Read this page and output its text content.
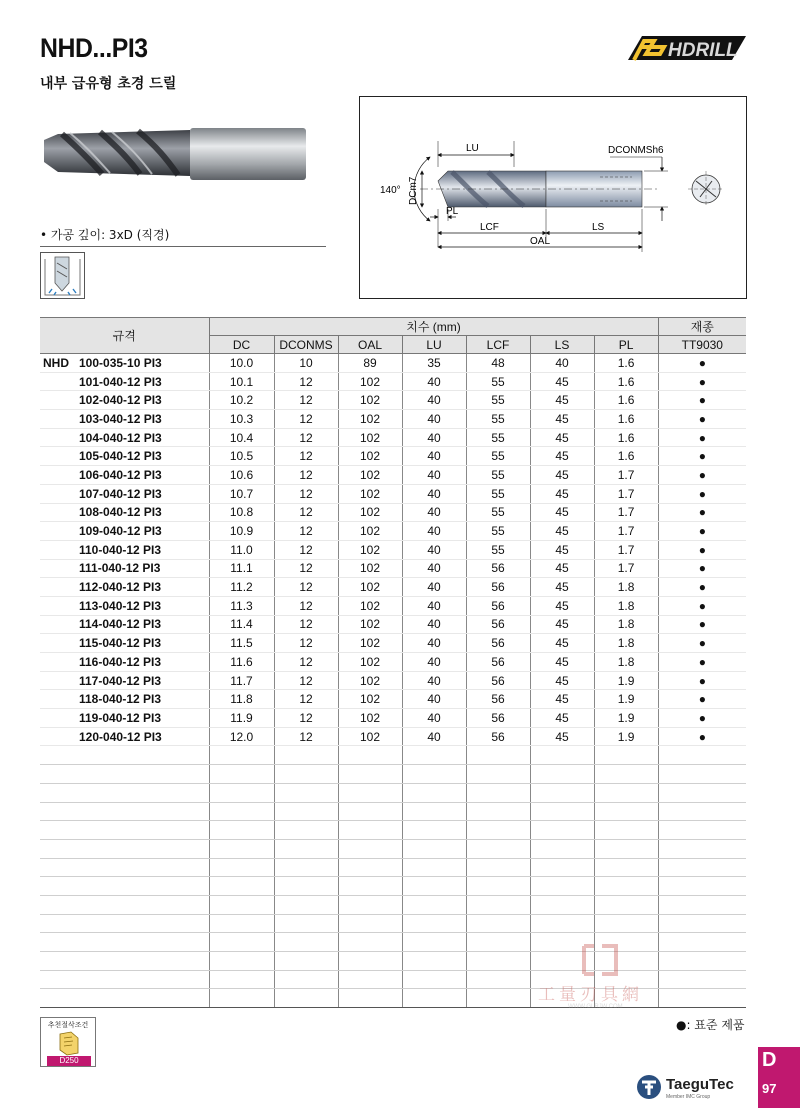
NHD...PI3
내부 급유형 초경 드릴
HDRILL
• 가공 깊이: 3xD (직경)
140° DCm7
LU	DCONMSh6
PL
LCF	LS
OAL
규격	치수 (mm)							재종
	DC	DCONMS	OAL	LU	LCF	LS	PL	TT9030
NHD 100-035-10 PI3	10.0	10	89	35	48	40	1.6	●
101-040-12 PI3	10.1	12	102	40	55	45	1.6	●
102-040-12 PI3	10.2	12	102	40	55	45	1.6	●
103-040-12 PI3	10.3	12	102	40	55	45	1.6	●
104-040-12 PI3	10.4	12	102	40	55	45	1.6	●
105-040-12 PI3	10.5	12	102	40	55	45	1.6	●
106-040-12 PI3	10.6	12	102	40	55	45	1.7	●
107-040-12 PI3	10.7	12	102	40	55	45	1.7	●
108-040-12 PI3	10.8	12	102	40	55	45	1.7	●
109-040-12 PI3	10.9	12	102	40	55	45	1.7	●
110-040-12 PI3	11.0	12	102	40	55	45	1.7	●
111-040-12 PI3	11.1	12	102	40	56	45	1.7	●
112-040-12 PI3	11.2	12	102	40	56	45	1.8	●
113-040-12 PI3	11.3	12	102	40	56	45	1.8	●
114-040-12 PI3	11.4	12	102	40	56	45	1.8	●
115-040-12 PI3	11.5	12	102	40	56	45	1.8	●
116-040-12 PI3	11.6	12	102	40	56	45	1.8	●
117-040-12 PI3	11.7	12	102	40	56	45	1.9	●
118-040-12 PI3	11.8	12	102	40	56	45	1.9	●
119-040-12 PI3	11.9	12	102	40	56	45	1.9	●
120-040-12 PI3	12.0	12	102	40	56	45	1.9	●

추천절삭조건
D250
●: 표준 제품
工量刃具網
WWW.GLRJW.COM
TaeguTec
Member IMC Group
D
97
